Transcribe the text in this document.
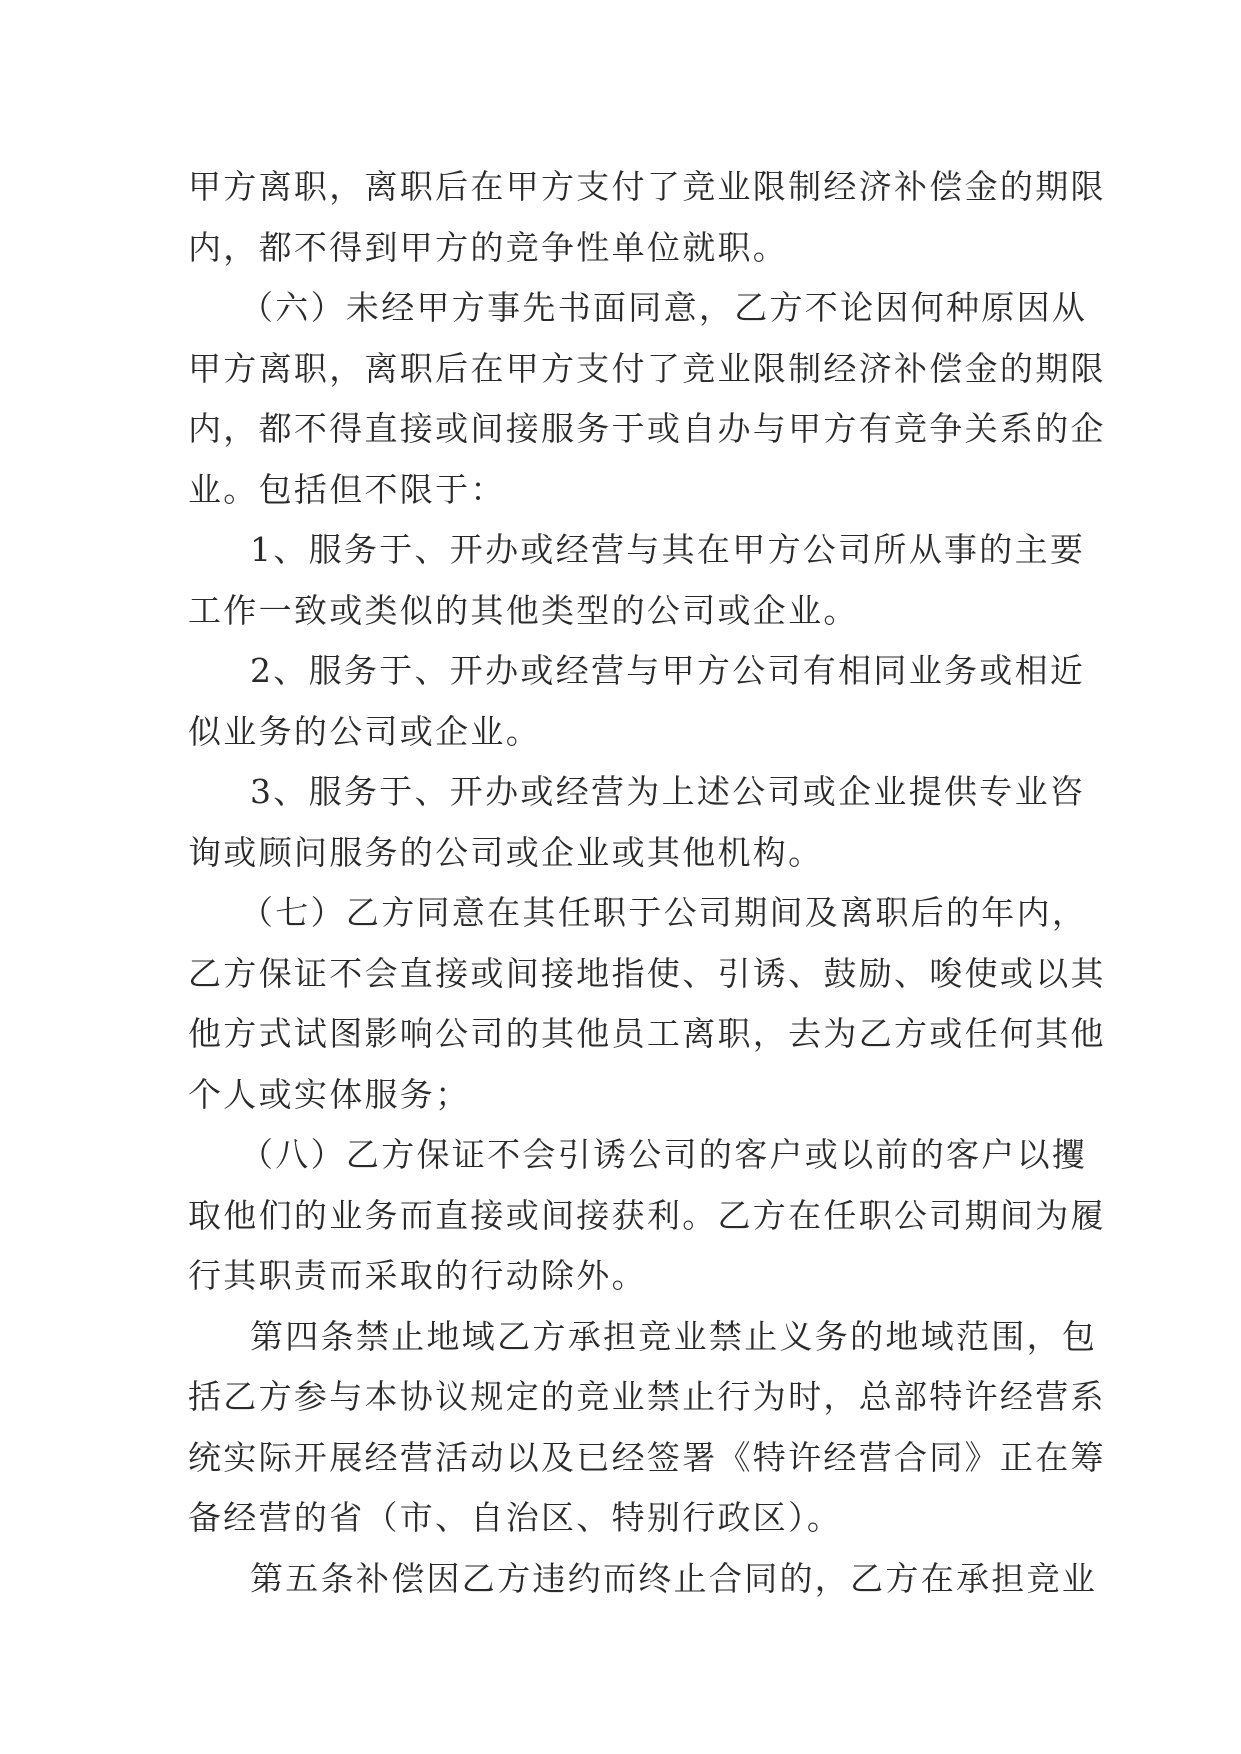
甲方离职，离职后在甲方支付了竞业限制经济补偿金的期限
内，都不得到甲方的竞争性单位就职。
（六）未经甲方事先书面同意，乙方不论因何种原因从
甲方离职，离职后在甲方支付了竞业限制经济补偿金的期限
内，都不得直接或间接服务于或自办与甲方有竞争关系的企
业。包括但不限于：
1、服务于、开办或经营与其在甲方公司所从事的主要
工作一致或类似的其他类型的公司或企业。
2、服务于、开办或经营与甲方公司有相同业务或相近
似业务的公司或企业。
3、服务于、开办或经营为上述公司或企业提供专业咨
询或顾问服务的公司或企业或其他机构。
（七）乙方同意在其任职于公司期间及离职后的年内，
乙方保证不会直接或间接地指使、引诱、鼓励、唆使或以其
他方式试图影响公司的其他员工离职，去为乙方或任何其他
个人或实体服务；
（八）乙方保证不会引诱公司的客户或以前的客户以攫
取他们的业务而直接或间接获利。乙方在任职公司期间为履
行其职责而采取的行动除外。
第四条禁止地域乙方承担竞业禁止义务的地域范围，包
括乙方参与本协议规定的竞业禁止行为时，总部特许经营系
统实际开展经营活动以及已经签署《特许经营合同》正在筹
备经营的省（市、自治区、特别行政区）。
第五条补偿因乙方违约而终止合同的，乙方在承担竞业
